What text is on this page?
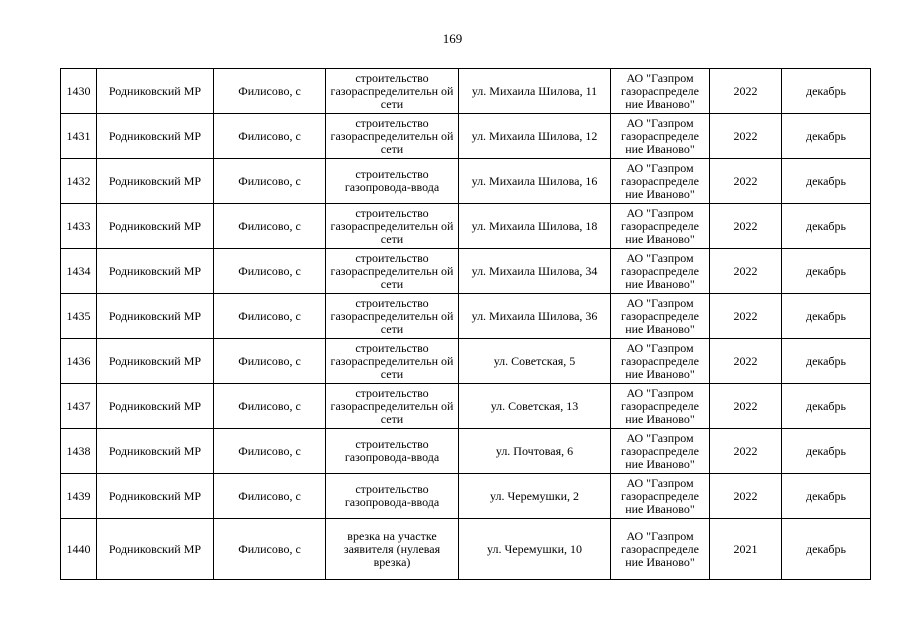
169
1430	Родниковский МР	Филисово, с	строительство газораспределительн ой сети	ул. Михаила Шилова, 11	АО "Газпром газораспределе ние Иваново"	2022	декабрь
1431	Родниковский МР	Филисово, с	строительство газораспределительн ой сети	ул. Михаила Шилова, 12	АО "Газпром газораспределе ние Иваново"	2022	декабрь
1432	Родниковский МР	Филисово, с	строительство газопровода-ввода	ул. Михаила Шилова, 16	АО "Газпром газораспределе ние Иваново"	2022	декабрь
1433	Родниковский МР	Филисово, с	строительство газораспределительн ой сети	ул. Михаила Шилова, 18	АО "Газпром газораспределе ние Иваново"	2022	декабрь
1434	Родниковский МР	Филисово, с	строительство газораспределительн ой сети	ул. Михаила Шилова, 34	АО "Газпром газораспределе ние Иваново"	2022	декабрь
1435	Родниковский МР	Филисово, с	строительство газораспределительн ой сети	ул. Михаила Шилова, 36	АО "Газпром газораспределе ние Иваново"	2022	декабрь
1436	Родниковский МР	Филисово, с	строительство газораспределительн ой сети	ул. Советская, 5	АО "Газпром газораспределе ние Иваново"	2022	декабрь
1437	Родниковский МР	Филисово, с	строительство газораспределительн ой сети	ул. Советская, 13	АО "Газпром газораспределе ние Иваново"	2022	декабрь
1438	Родниковский МР	Филисово, с	строительство газопровода-ввода	ул. Почтовая, 6	АО "Газпром газораспределе ние Иваново"	2022	декабрь
1439	Родниковский МР	Филисово, с	строительство газопровода-ввода	ул. Черемушки, 2	АО "Газпром газораспределе ние Иваново"	2022	декабрь
1440	Родниковский МР	Филисово, с	врезка на участке заявителя (нулевая врезка)	ул. Черемушки, 10	АО "Газпром газораспределе ние Иваново"	2021	декабрь
